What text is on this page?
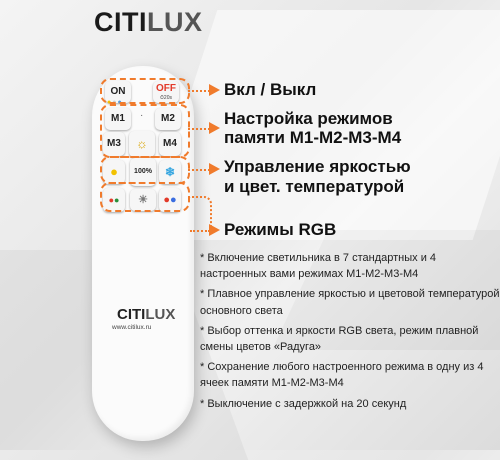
CITILUX
ON
●●●
OFF
⏱20s
M1	·	M2
M3	☼	M4
●	100%	❄
●●	☀	●●
CITILUX
www.citilux.ru
Вкл / Выкл
Настройка режимов
памяти М1-М2-М3-М4
Управление яркостью
и цвет. температурой
Режимы RGB

* Включение светильника в 7 стандартных и 4 настроенных вами режимах М1-М2-М3-М4

* Плавное управление яркостью и цветовой температурой основного света

* Выбор оттенка и яркости RGB света, режим плавной смены цветов «Радуга»

* Сохранение любого настроенного режима в одну из 4 ячеек памяти М1-М2-М3-М4

* Выключение с задержкой на 20 секунд
